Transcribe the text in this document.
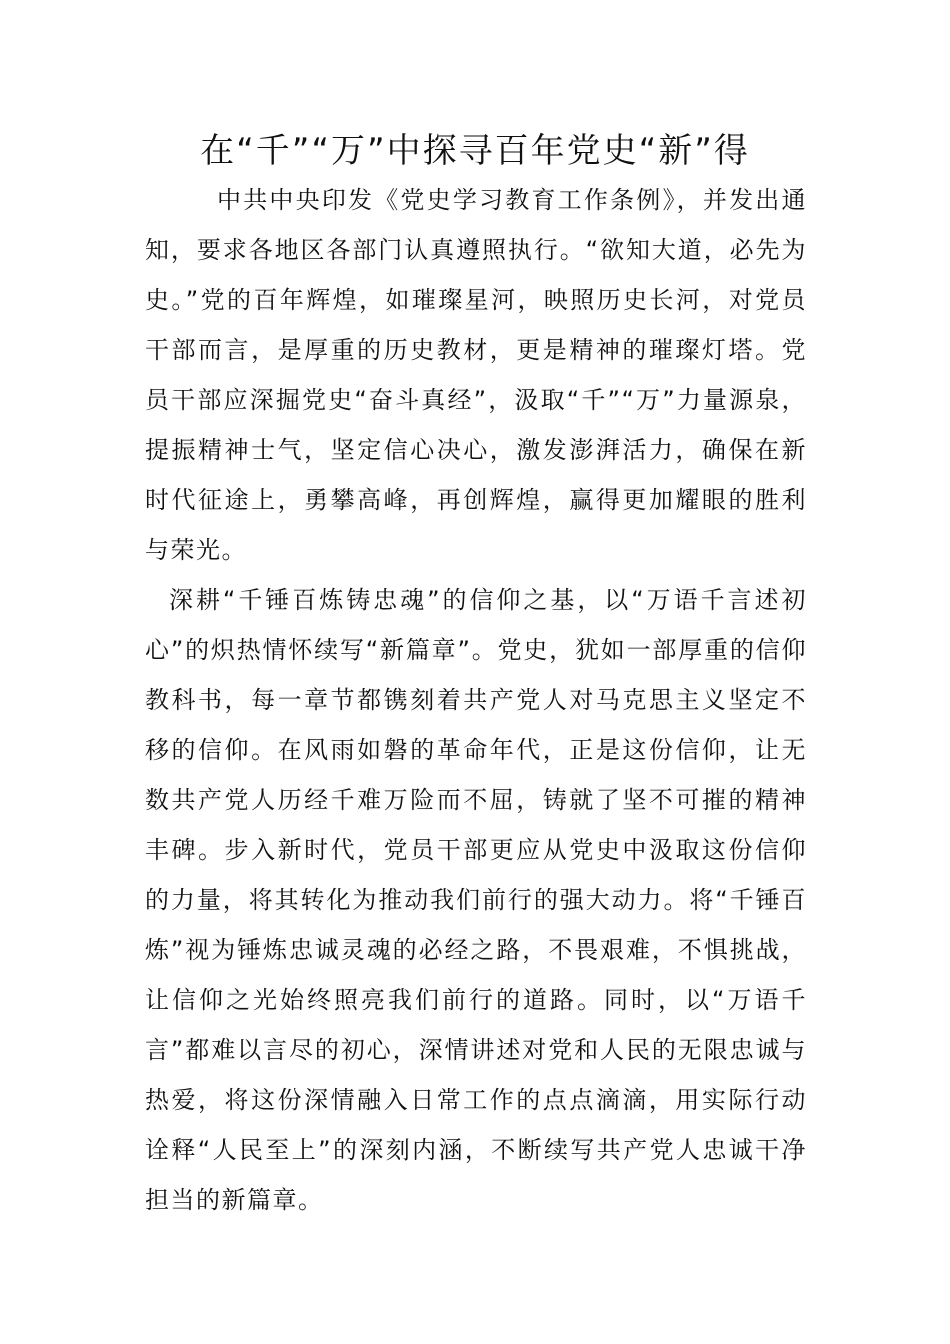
在“千”“万”中探寻百年党史“新”得

中共中央印发《党史学习教育工作条例》，并发出通知，要求各地区各部门认真遵照执行。“欲知大道，必先为史。”党的百年辉煌，如璀璨星河，映照历史长河，对党员干部而言，是厚重的历史教材，更是精神的璀璨灯塔。党员干部应深掘党史“奋斗真经”，汲取“千”“万”力量源泉，提振精神士气，坚定信心决心，激发澎湃活力，确保在新时代征途上，勇攀高峰，再创辉煌，赢得更加耀眼的胜利与荣光。

深耕“千锤百炼铸忠魂”的信仰之基，以“万语千言述初心”的炽热情怀续写“新篇章”。党史，犹如一部厚重的信仰教科书，每一章节都镌刻着共产党人对马克思主义坚定不移的信仰。在风雨如磐的革命年代，正是这份信仰，让无数共产党人历经千难万险而不屈，铸就了坚不可摧的精神丰碑。步入新时代，党员干部更应从党史中汲取这份信仰的力量，将其转化为推动我们前行的强大动力。将“千锤百炼”视为锤炼忠诚灵魂的必经之路，不畏艰难，不惧挑战，让信仰之光始终照亮我们前行的道路。同时，以“万语千言”都难以言尽的初心，深情讲述对党和人民的无限忠诚与热爱，将这份深情融入日常工作的点点滴滴，用实际行动诠释“人民至上”的深刻内涵，不断续写共产党人忠诚干净担当的新篇章。
